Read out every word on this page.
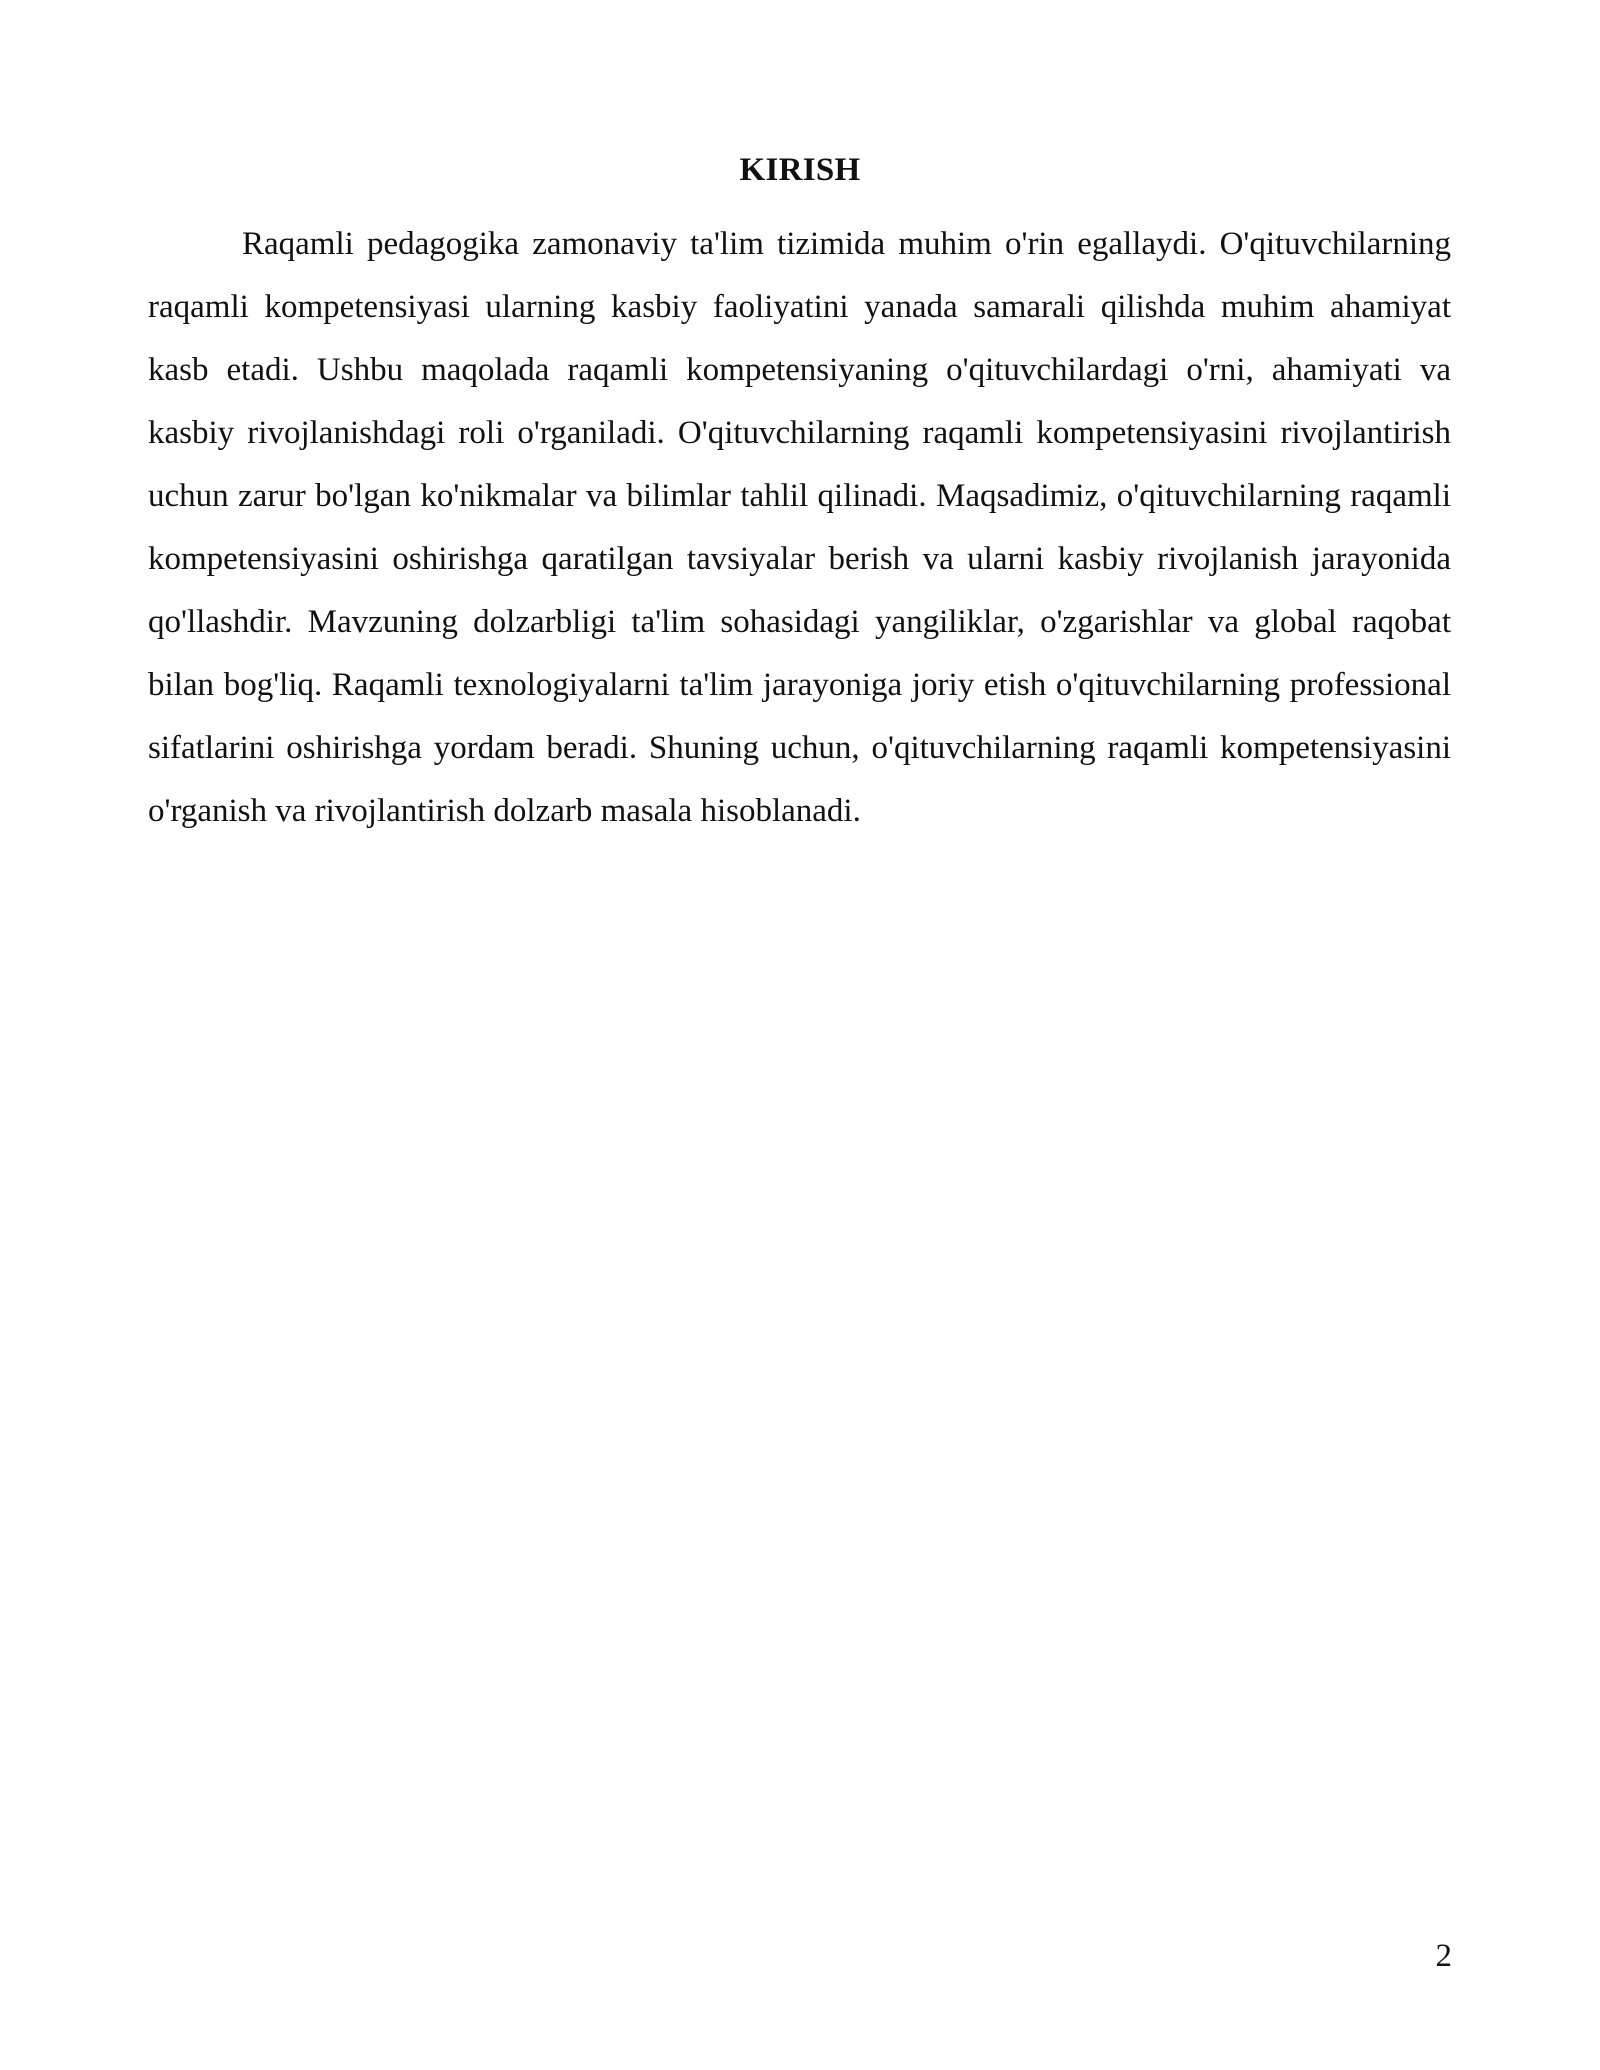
KIRISH

Raqamli pedagogika zamonaviy ta'lim tizimida muhim o'rin egallaydi. O'qituvchilarning raqamli kompetensiyasi ularning kasbiy faoliyatini yanada samarali qilishda muhim ahamiyat kasb etadi. Ushbu maqolada raqamli kompetensiyaning o'qituvchilardagi o'rni, ahamiyati va kasbiy rivojlanishdagi roli o'rganiladi. O'qituvchilarning raqamli kompetensiyasini rivojlantirish uchun zarur bo'lgan ko'nikmalar va bilimlar tahlil qilinadi. Maqsadimiz, o'qituvchilarning raqamli kompetensiyasini oshirishga qaratilgan tavsiyalar berish va ularni kasbiy rivojlanish jarayonida qo'llashdir. Mavzuning dolzarbligi ta'lim sohasidagi yangiliklar, o'zgarishlar va global raqobat bilan bog'liq. Raqamli texnologiyalarni ta'lim jarayoniga joriy etish o'qituvchilarning professional sifatlarini oshirishga yordam beradi. Shuning uchun, o'qituvchilarning raqamli kompetensiyasini o'rganish va rivojlantirish dolzarb masala hisoblanadi.

2
